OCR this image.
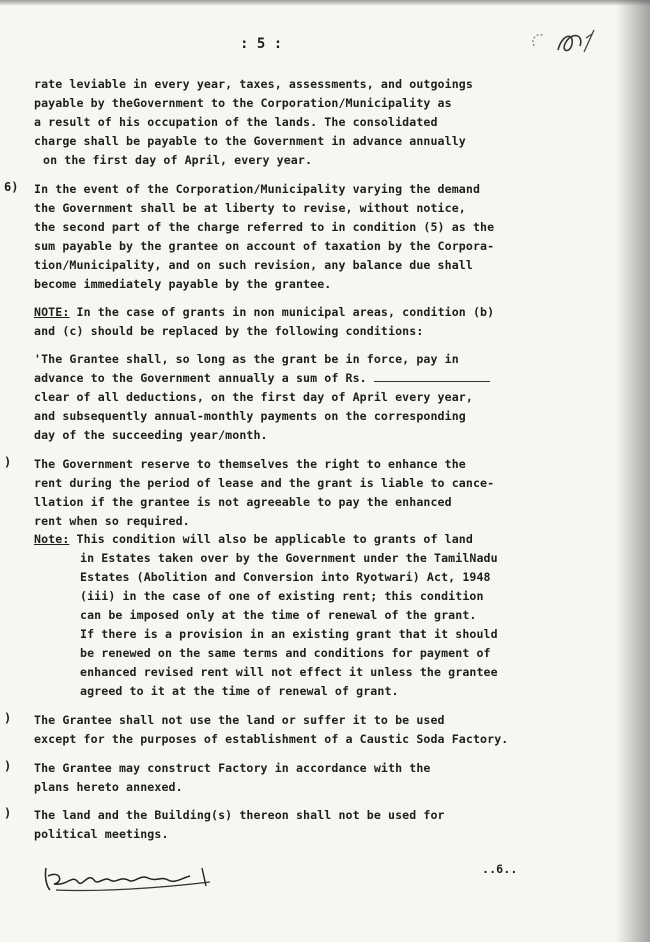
: 5 :
rate leviable in every year, taxes, assessments, and outgoings
payable by theGovernment to the Corporation/Municipality as
a result of his occupation of the lands. The consolidated
charge shall be payable to the Government in advance annually
on the first day of April, every year.
6) In the event of the Corporation/Municipality varying the demand
the Government shall be at liberty to revise, without notice,
the second part of the charge referred to in condition (5) as the
sum payable by the grantee on account of taxation by the Corpora-
tion/Municipality, and on such revision, any balance due shall
become immediately payable by the grantee.
NOTE: In the case of grants in non municipal areas, condition (b)
and (c) should be replaced by the following conditions:
'The Grantee shall, so long as the grant be in force, pay in
advance to the Government annually a sum of Rs.
clear of all deductions, on the first day of April every year,
and subsequently annual-monthly payments on the corresponding
day of the succeeding year/month.
) The Government reserve to themselves the right to enhance the
rent during the period of lease and the grant is liable to cance-
llation if the grantee is not agreeable to pay the enhanced
rent when so required.
Note: This condition will also be applicable to grants of land
in Estates taken over by the Government under the TamilNadu
Estates (Abolition and Conversion into Ryotwari) Act, 1948
(iii) in the case of one of existing rent; this condition
can be imposed only at the time of renewal of the grant.
If there is a provision in an existing grant that it should
be renewed on the same terms and conditions for payment of
enhanced revised rent will not effect it unless the grantee
agreed to it at the time of renewal of grant.
) The Grantee shall not use the land or suffer it to be used
except for the purposes of establishment of a Caustic Soda Factory.
) The Grantee may construct Factory in accordance with the
plans hereto annexed.
) The land and the Building(s) thereon shall not be used for
political meetings.
..6..
